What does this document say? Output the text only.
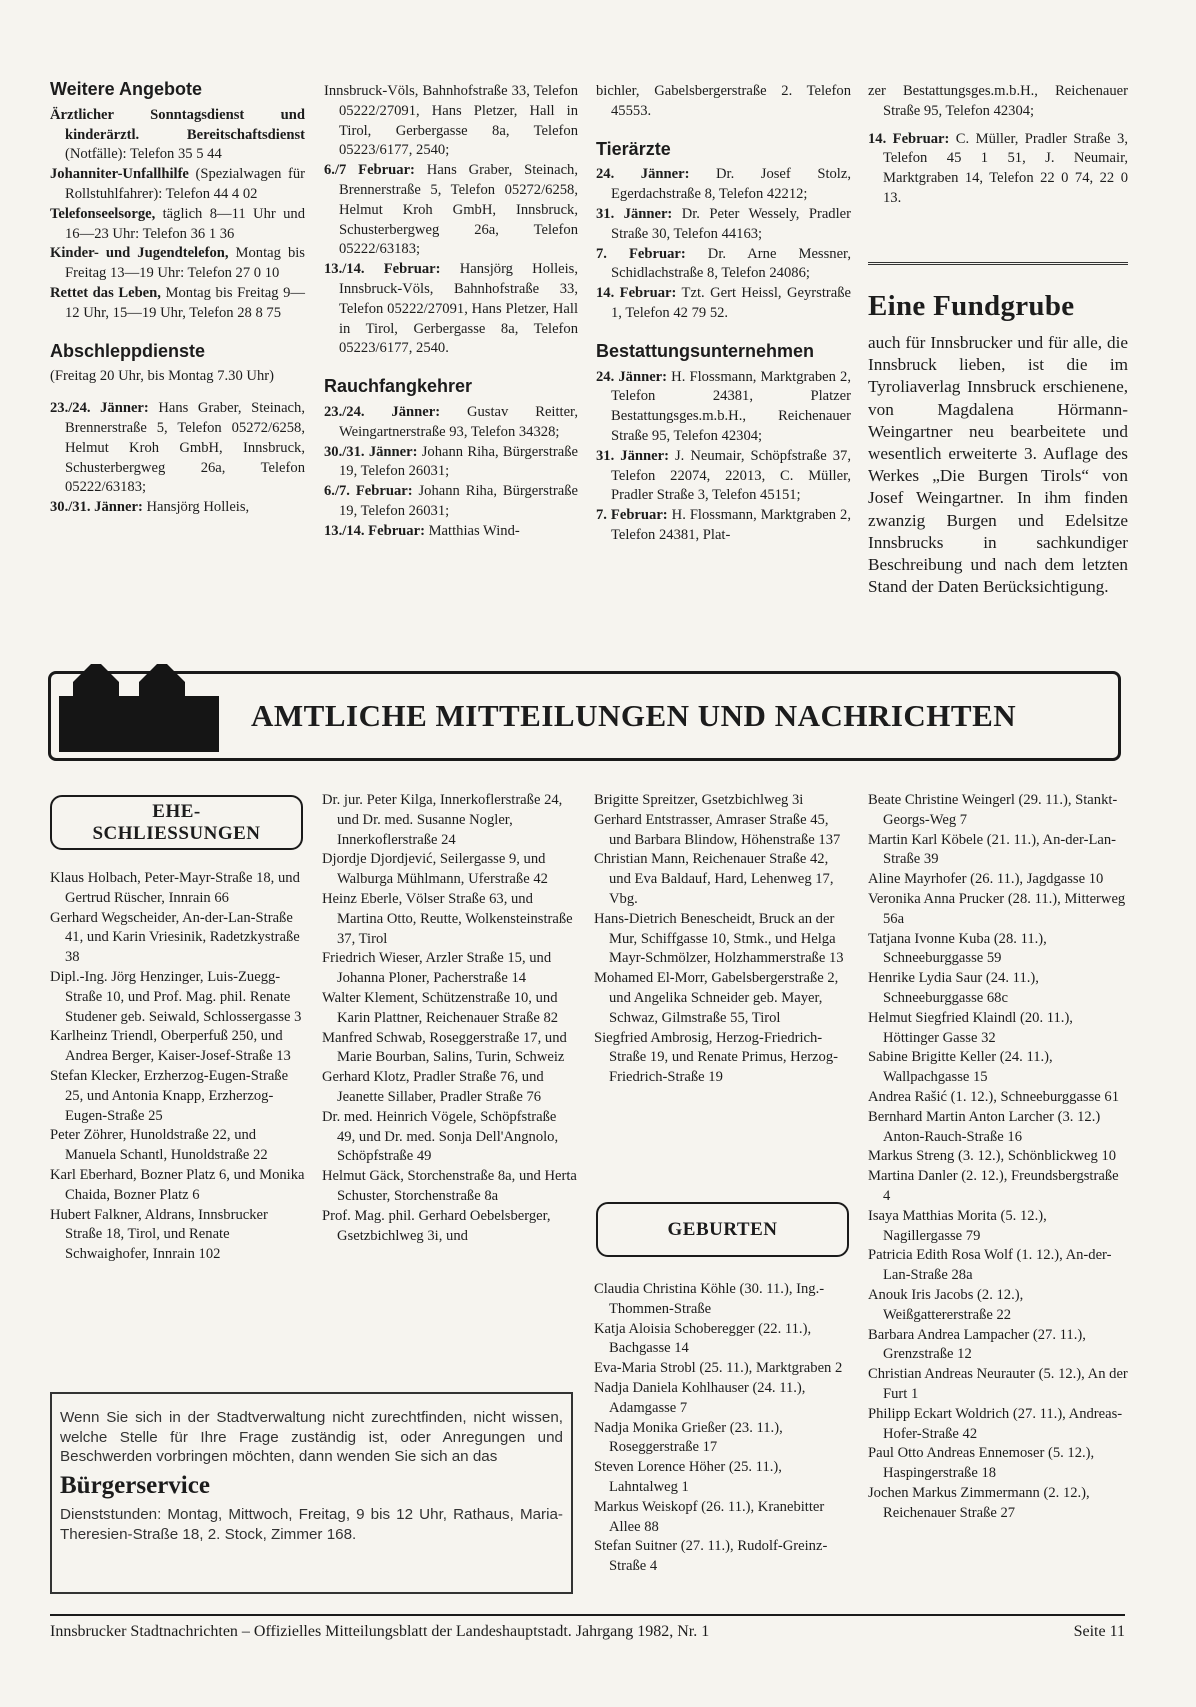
Weitere Angebote

Ärztlicher Sonntagsdienst und kinderärztl. Bereitschaftsdienst (Notfälle): Telefon 35 5 44

Johanniter-Unfallhilfe (Spezialwagen für Rollstuhlfahrer): Telefon 44 4 02

Telefonseelsorge, täglich 8—11 Uhr und 16—23 Uhr: Telefon 36 1 36

Kinder- und Jugendtelefon, Montag bis Freitag 13—19 Uhr: Telefon 27 0 10

Rettet das Leben, Montag bis Freitag 9—12 Uhr, 15—19 Uhr, Telefon 28 8 75

Abschleppdienste

(Freitag 20 Uhr, bis Montag 7.30 Uhr)

23./24. Jänner: Hans Graber, Steinach, Brennerstraße 5, Telefon 05272/6258, Helmut Kroh GmbH, Innsbruck, Schusterbergweg 26a, Telefon 05222/63183;

30./31. Jänner: Hansjörg Holleis,

Innsbruck-Völs, Bahnhofstraße 33, Telefon 05222/27091, Hans Pletzer, Hall in Tirol, Gerbergasse 8a, Telefon 05223/6177, 2540;

6./7 Februar: Hans Graber, Steinach, Brennerstraße 5, Telefon 05272/6258, Helmut Kroh GmbH, Innsbruck, Schusterbergweg 26a, Telefon 05222/63183;

13./14. Februar: Hansjörg Holleis, Innsbruck-Völs, Bahnhofstraße 33, Telefon 05222/27091, Hans Pletzer, Hall in Tirol, Gerbergasse 8a, Telefon 05223/6177, 2540.

Rauchfangkehrer

23./24. Jänner: Gustav Reitter, Weingartnerstraße 93, Telefon 34328;

30./31. Jänner: Johann Riha, Bürgerstraße 19, Telefon 26031;

6./7. Februar: Johann Riha, Bürgerstraße 19, Telefon 26031;

13./14. Februar: Matthias Wind-

bichler, Gabelsbergerstraße 2. Telefon 45553.

Tierärzte

24. Jänner: Dr. Josef Stolz, Egerdachstraße 8, Telefon 42212;

31. Jänner: Dr. Peter Wessely, Pradler Straße 30, Telefon 44163;

7. Februar: Dr. Arne Messner, Schidlachstraße 8, Telefon 24086;

14. Februar: Tzt. Gert Heissl, Geyrstraße 1, Telefon 42 79 52.

Bestattungsunternehmen

24. Jänner: H. Flossmann, Marktgraben 2, Telefon 24381, Platzer Bestattungsges.m.b.H., Reichenauer Straße 95, Telefon 42304;

31. Jänner: J. Neumair, Schöpfstraße 37, Telefon 22074, 22013, C. Müller, Pradler Straße 3, Telefon 45151;

7. Februar: H. Flossmann, Marktgraben 2, Telefon 24381, Plat-

zer Bestattungsges.m.b.H., Reichenauer Straße 95, Telefon 42304;

14. Februar: C. Müller, Pradler Straße 3, Telefon 45 1 51, J. Neumair, Marktgraben 14, Telefon 22 0 74, 22 0 13.

Eine Fundgrube
auch für Innsbrucker und für alle, die Innsbruck lieben, ist die im Tyroliaverlag Innsbruck erschienene, von Magdalena Hörmann-Weingartner neu bearbeitete und wesentlich erweiterte 3. Auflage des Werkes „Die Burgen Tirols“ von Josef Weingartner. In ihm finden zwanzig Burgen und Edelsitze Innsbrucks in sachkundiger Beschreibung und nach dem letzten Stand der Daten Berücksichtigung.
AMTLICHE MITTEILUNGEN UND NACHRICHTEN
EHE-
SCHLIESSUNGEN

Klaus Holbach, Peter-Mayr-Straße 18, und Gertrud Rüscher, Innrain 66

Gerhard Wegscheider, An-der-Lan-Straße 41, und Karin Vriesinik, Radetzkystraße 38

Dipl.-Ing. Jörg Henzinger, Luis-Zuegg-Straße 10, und Prof. Mag. phil. Renate Studener geb. Seiwald, Schlossergasse 3

Karlheinz Triendl, Oberperfuß 250, und Andrea Berger, Kaiser-Josef-Straße 13

Stefan Klecker, Erzherzog-Eugen-Straße 25, und Antonia Knapp, Erzherzog-Eugen-Straße 25

Peter Zöhrer, Hunoldstraße 22, und Manuela Schantl, Hunoldstraße 22

Karl Eberhard, Bozner Platz 6, und Monika Chaida, Bozner Platz 6

Hubert Falkner, Aldrans, Innsbrucker Straße 18, Tirol, und Renate Schwaighofer, Innrain 102

Dr. jur. Peter Kilga, Innerkoflerstraße 24, und Dr. med. Susanne Nogler, Innerkoflerstraße 24

Djordje Djordjević, Seilergasse 9, und Walburga Mühlmann, Uferstraße 42

Heinz Eberle, Völser Straße 63, und Martina Otto, Reutte, Wolkensteinstraße 37, Tirol

Friedrich Wieser, Arzler Straße 15, und Johanna Ploner, Pacherstraße 14

Walter Klement, Schützenstraße 10, und Karin Plattner, Reichenauer Straße 82

Manfred Schwab, Roseggerstraße 17, und Marie Bourban, Salins, Turin, Schweiz

Gerhard Klotz, Pradler Straße 76, und Jeanette Sillaber, Pradler Straße 76

Dr. med. Heinrich Vögele, Schöpfstraße 49, und Dr. med. Sonja Dell'Angnolo, Schöpfstraße 49

Helmut Gäck, Storchenstraße 8a, und Herta Schuster, Storchenstraße 8a

Prof. Mag. phil. Gerhard Oebelsberger, Gsetzbichlweg 3i, und

Brigitte Spreitzer, Gsetzbichlweg 3i

Gerhard Entstrasser, Amraser Straße 45, und Barbara Blindow, Höhenstraße 137

Christian Mann, Reichenauer Straße 42, und Eva Baldauf, Hard, Lehenweg 17, Vbg.

Hans-Dietrich Benescheidt, Bruck an der Mur, Schiffgasse 10, Stmk., und Helga Mayr-Schmölzer, Holzhammerstraße 13

Mohamed El-Morr, Gabelsbergerstraße 2, und Angelika Schneider geb. Mayer, Schwaz, Gilmstraße 55, Tirol

Siegfried Ambrosig, Herzog-Friedrich-Straße 19, und Renate Primus, Herzog-Friedrich-Straße 19

GEBURTEN

Claudia Christina Köhle (30. 11.), Ing.-Thommen-Straße

Katja Aloisia Schoberegger (22. 11.), Bachgasse 14

Eva-Maria Strobl (25. 11.), Marktgraben 2

Nadja Daniela Kohlhauser (24. 11.), Adamgasse 7

Nadja Monika Grießer (23. 11.), Roseggerstraße 17

Steven Lorence Höher (25. 11.), Lahntalweg 1

Markus Weiskopf (26. 11.), Kranebitter Allee 88

Stefan Suitner (27. 11.), Rudolf-Greinz-Straße 4

Beate Christine Weingerl (29. 11.), Stankt-Georgs-Weg 7

Martin Karl Köbele (21. 11.), An-der-Lan-Straße 39

Aline Mayrhofer (26. 11.), Jagdgasse 10

Veronika Anna Prucker (28. 11.), Mitterweg 56a

Tatjana Ivonne Kuba (28. 11.), Schneeburggasse 59

Henrike Lydia Saur (24. 11.), Schneeburggasse 68c

Helmut Siegfried Klaindl (20. 11.), Höttinger Gasse 32

Sabine Brigitte Keller (24. 11.), Wallpachgasse 15

Andrea Rašić (1. 12.), Schneeburggasse 61

Bernhard Martin Anton Larcher (3. 12.) Anton-Rauch-Straße 16

Markus Streng (3. 12.), Schönblickweg 10

Martina Danler (2. 12.), Freundsbergstraße 4

Isaya Matthias Morita (5. 12.), Nagillergasse 79

Patricia Edith Rosa Wolf (1. 12.), An-der-Lan-Straße 28a

Anouk Iris Jacobs (2. 12.), Weißgattererstraße 22

Barbara Andrea Lampacher (27. 11.), Grenzstraße 12

Christian Andreas Neurauter (5. 12.), An der Furt 1

Philipp Eckart Woldrich (27. 11.), Andreas-Hofer-Straße 42

Paul Otto Andreas Ennemoser (5. 12.), Haspingerstraße 18

Jochen Markus Zimmermann (2. 12.), Reichenauer Straße 27

Wenn Sie sich in der Stadtverwaltung nicht zurechtfinden, nicht wissen, welche Stelle für Ihre Frage zuständig ist, oder Anregungen und Beschwerden vorbringen möchten, dann wenden Sie sich an das

Bürgerservice

Dienststunden: Montag, Mittwoch, Freitag, 9 bis 12 Uhr, Rathaus, Maria-Theresien-Straße 18, 2. Stock, Zimmer 168.

Innsbrucker Stadtnachrichten – Offizielles Mitteilungsblatt der Landeshauptstadt. Jahrgang 1982, Nr. 1	Seite 11
